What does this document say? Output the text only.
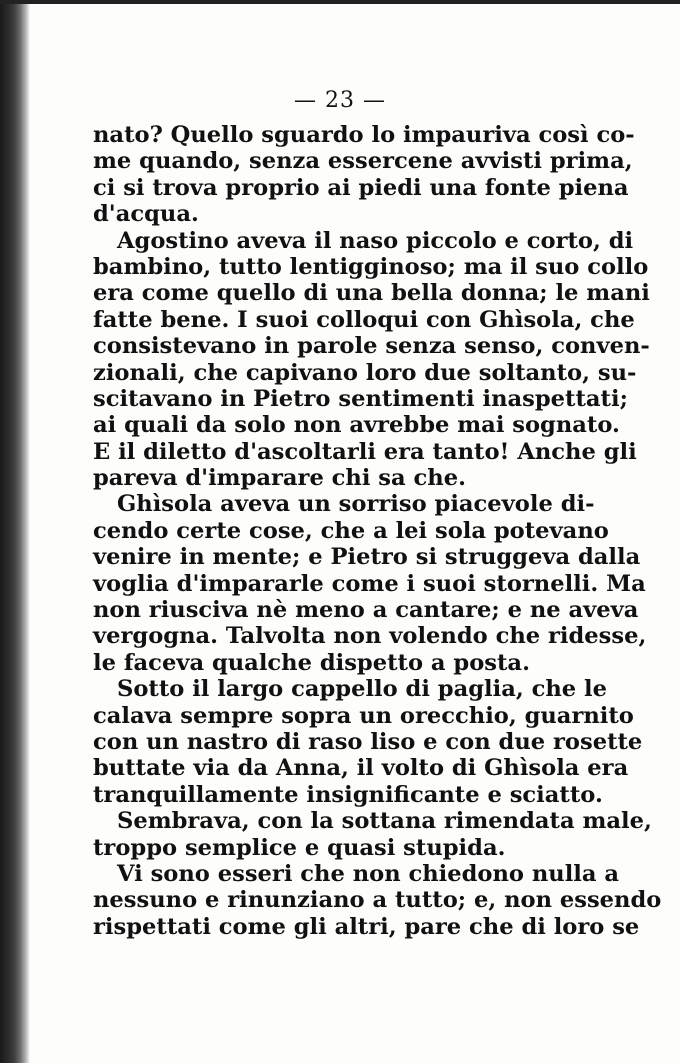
— 23 —
nato? Quello sguardo lo impauriva così co-
me quando, senza essercene avvisti prima,
ci si trova proprio ai piedi una fonte piena
d'acqua.
Agostino aveva il naso piccolo e corto, di
bambino, tutto lentigginoso; ma il suo collo
era come quello di una bella donna; le mani
fatte bene. I suoi colloqui con Ghìsola, che
consistevano in parole senza senso, conven-
zionali, che capivano loro due soltanto, su-
scitavano in Pietro sentimenti inaspettati;
ai quali da solo non avrebbe mai sognato.
E il diletto d'ascoltarli era tanto! Anche gli
pareva d'imparare chi sa che.
Ghìsola aveva un sorriso piacevole di-
cendo certe cose, che a lei sola potevano
venire in mente; e Pietro si struggeva dalla
voglia d'impararle come i suoi stornelli. Ma
non riusciva nè meno a cantare; e ne aveva
vergogna. Talvolta non volendo che ridesse,
le faceva qualche dispetto a posta.
Sotto il largo cappello di paglia, che le
calava sempre sopra un orecchio, guarnito
con un nastro di raso liso e con due rosette
buttate via da Anna, il volto di Ghìsola era
tranquillamente insignificante e sciatto.
Sembrava, con la sottana rimendata male,
troppo semplice e quasi stupida.
Vi sono esseri che non chiedono nulla a
nessuno e rinunziano a tutto; e, non essendo
rispettati come gli altri, pare che di loro se
